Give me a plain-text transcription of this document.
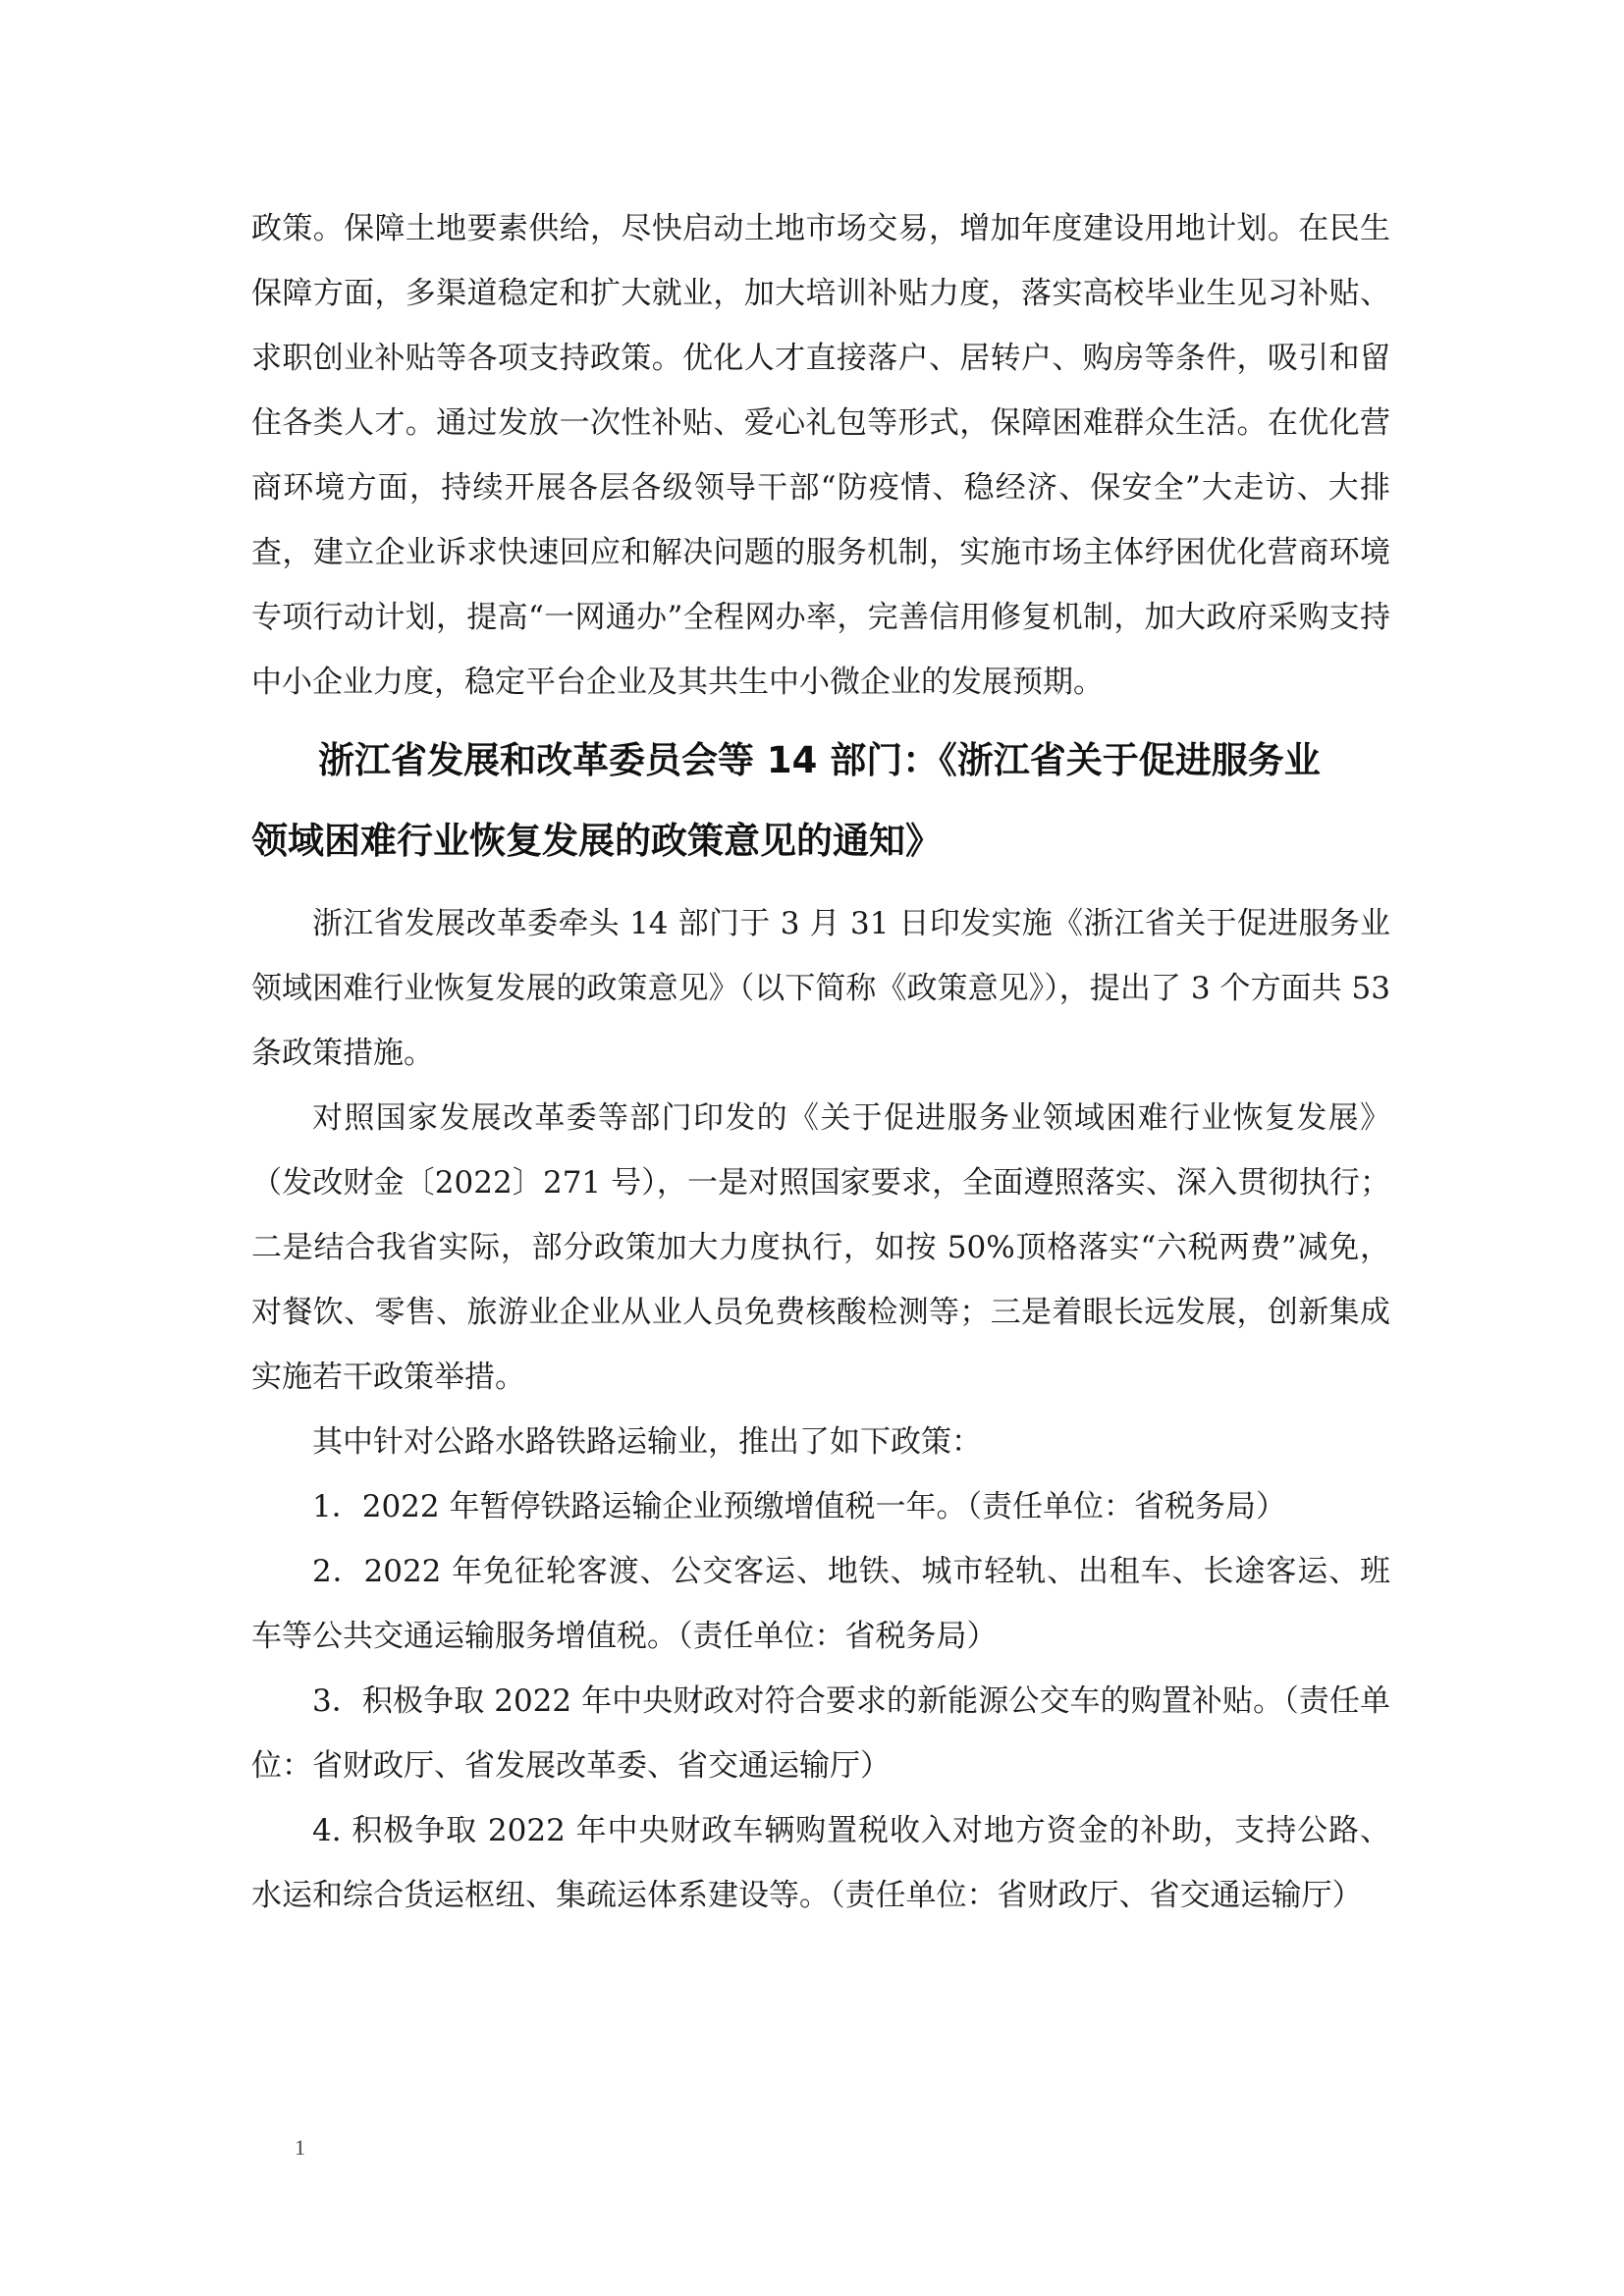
政策。保障土地要素供给，尽快启动土地市场交易，增加年度建设用地计划。在民生保障方面，多渠道稳定和扩大就业，加大培训补贴力度，落实高校毕业生见习补贴、求职创业补贴等各项支持政策。优化人才直接落户、居转户、购房等条件，吸引和留住各类人才。通过发放一次性补贴、爱心礼包等形式，保障困难群众生活。在优化营商环境方面，持续开展各层各级领导干部“防疫情、稳经济、保安全”大走访、大排查，建立企业诉求快速回应和解决问题的服务机制，实施市场主体纾困优化营商环境专项行动计划，提高“一网通办”全程网办率，完善信用修复机制，加大政府采购支持中小企业力度，稳定平台企业及其共生中小微企业的发展预期。

浙江省发展和改革委员会等 14 部门：《浙江省关于促进服务业
领域困难行业恢复发展的政策意见的通知》

浙江省发展改革委牵头 14 部门于 3 月 31 日印发实施《浙江省关于促进服务业领域困难行业恢复发展的政策意见》（以下简称《政策意见》），提出了 3 个方面共 53 条政策措施。

对照国家发展改革委等部门印发的《关于促进服务业领域困难行业恢复发展》（发改财金〔2022〕271 号），一是对照国家要求，全面遵照落实、深入贯彻执行；二是结合我省实际，部分政策加大力度执行，如按 50%顶格落实“六税两费”减免，对餐饮、零售、旅游业企业从业人员免费核酸检测等；三是着眼长远发展，创新集成实施若干政策举措。

其中针对公路水路铁路运输业，推出了如下政策：

1．2022 年暂停铁路运输企业预缴增值税一年。（责任单位：省税务局）

2．2022 年免征轮客渡、公交客运、地铁、城市轻轨、出租车、长途客运、班车等公共交通运输服务增值税。（责任单位：省税务局）

3．积极争取 2022 年中央财政对符合要求的新能源公交车的购置补贴。（责任单位：省财政厅、省发展改革委、省交通运输厅）

4. 积极争取 2022 年中央财政车辆购置税收入对地方资金的补助，支持公路、水运和综合货运枢纽、集疏运体系建设等。（责任单位：省财政厅、省交通运输厅）

1
